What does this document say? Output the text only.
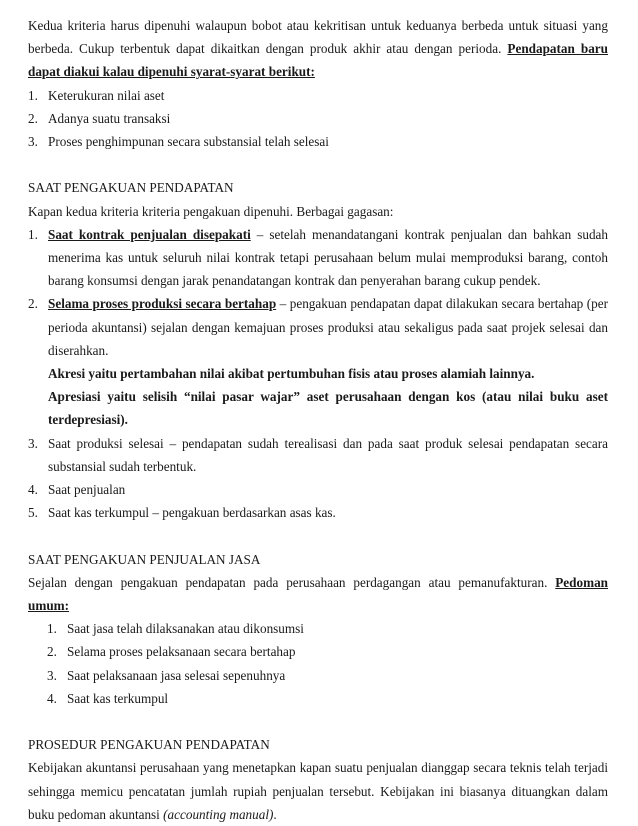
Kedua kriteria harus dipenuhi walaupun bobot atau kekritisan untuk keduanya berbeda untuk situasi yang berbeda. Cukup terbentuk dapat dikaitkan dengan produk akhir atau dengan perioda. Pendapatan baru dapat diakui kalau dipenuhi syarat-syarat berikut:

1. Keterukuran nilai aset
2. Adanya suatu transaksi
3. Proses penghimpunan secara substansial telah selesai

SAAT PENGAKUAN PENDAPATAN

Kapan kedua kriteria kriteria pengakuan dipenuhi. Berbagai gagasan:

1. Saat kontrak penjualan disepakati – setelah menandatangani kontrak penjualan dan bahkan sudah menerima kas untuk seluruh nilai kontrak tetapi perusahaan belum mulai memproduksi barang, contoh barang konsumsi dengan jarak penandatangan kontrak dan penyerahan barang cukup pendek.
2. Selama proses produksi secara bertahap – pengakuan pendapatan dapat dilakukan secara bertahap (per perioda akuntansi) sejalan dengan kemajuan proses produksi atau sekaligus pada saat projek selesai dan diserahkan.
Akresi yaitu pertambahan nilai akibat pertumbuhan fisis atau proses alamiah lainnya.
Apresiasi yaitu selisih “nilai pasar wajar” aset perusahaan dengan kos (atau nilai buku aset terdepresiasi).
3. Saat produksi selesai – pendapatan sudah terealisasi dan pada saat produk selesai pendapatan secara substansial sudah terbentuk.
4. Saat penjualan
5. Saat kas terkumpul – pengakuan berdasarkan asas kas.

SAAT PENGAKUAN PENJUALAN JASA

Sejalan dengan pengakuan pendapatan pada perusahaan perdagangan atau pemanufakturan. Pedoman umum:

1. Saat jasa telah dilaksanakan atau dikonsumsi
2. Selama proses pelaksanaan secara bertahap
3. Saat pelaksanaan jasa selesai sepenuhnya
4. Saat kas terkumpul

PROSEDUR PENGAKUAN PENDAPATAN

Kebijakan akuntansi perusahaan yang menetapkan kapan suatu penjualan dianggap secara teknis telah terjadi sehingga memicu pencatatan jumlah rupiah penjualan tersebut. Kebijakan ini biasanya dituangkan dalam buku pedoman akuntansi (accounting manual).
